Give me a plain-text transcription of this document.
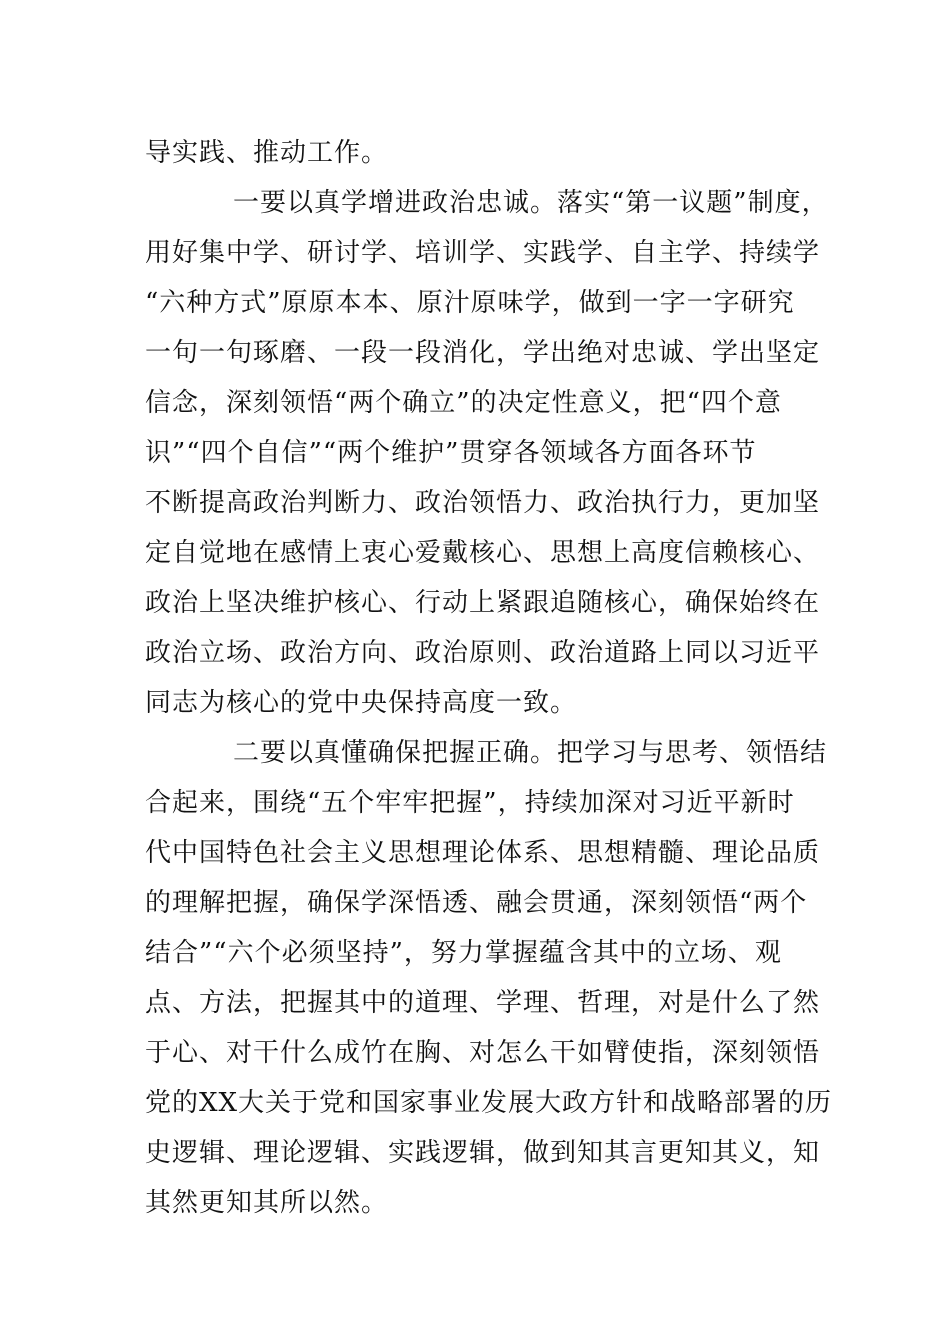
导实践、推动工作。
一要以真学增进政治忠诚。落实“第一议题”制度，
用好集中学、研讨学、培训学、实践学、自主学、持续学
“六种方式”原原本本、原汁原味学，做到一字一字研究
一句一句琢磨、一段一段消化，学出绝对忠诚、学出坚定
信念，深刻领悟“两个确立”的决定性意义，把“四个意
识”“四个自信”“两个维护”贯穿各领域各方面各环节
不断提高政治判断力、政治领悟力、政治执行力，更加坚
定自觉地在感情上衷心爱戴核心、思想上高度信赖核心、
政治上坚决维护核心、行动上紧跟追随核心，确保始终在
政治立场、政治方向、政治原则、政治道路上同以习近平
同志为核心的党中央保持高度一致。
二要以真懂确保把握正确。把学习与思考、领悟结
合起来，围绕“五个牢牢把握”，持续加深对习近平新时
代中国特色社会主义思想理论体系、思想精髓、理论品质
的理解把握，确保学深悟透、融会贯通，深刻领悟“两个
结合”“六个必须坚持”，努力掌握蕴含其中的立场、观
点、方法，把握其中的道理、学理、哲理，对是什么了然
于心、对干什么成竹在胸、对怎么干如臂使指，深刻领悟
党的XX大关于党和国家事业发展大政方针和战略部署的历
史逻辑、理论逻辑、实践逻辑，做到知其言更知其义，知
其然更知其所以然。
